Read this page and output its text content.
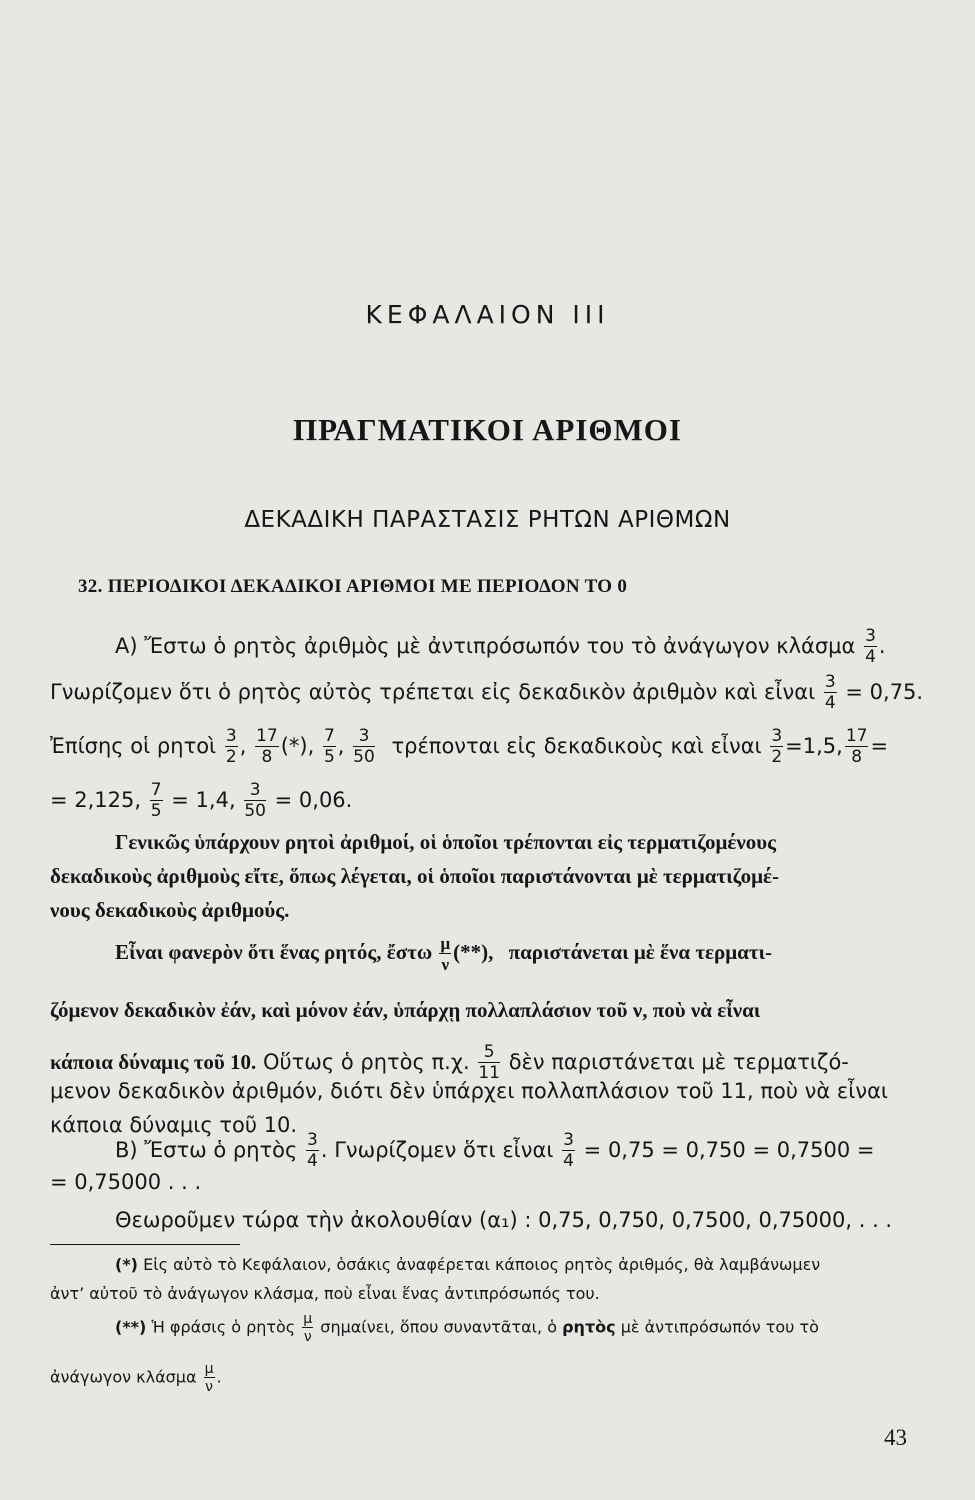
ΚΕΦΑΛΑΙΟΝ ΙΙΙ
ΠΡΑΓΜΑΤΙΚΟΙ ΑΡΙΘΜΟΙ
ΔΕΚΑΔΙΚΗ ΠΑΡΑΣΤΑΣΙΣ ΡΗΤΩΝ ΑΡΙΘΜΩΝ
32. ΠΕΡΙΟΔΙΚΟΙ ΔΕΚΑΔΙΚΟΙ ΑΡΙΘΜΟΙ ΜΕ ΠΕΡΙΟΔΟΝ ΤΟ 0
Α) Ἔστω ὁ ρητὸς ἀριθμὸς μὲ ἀντιπρόσωπόν του τὸ ἀνάγωγον κλάσμα $\frac{3}{4}$ .
Γνωρίζομεν ὅτι ὁ ρητὸς αὐτὸς τρέπεται εἰς δεκαδικὸν ἀριθμὸν καὶ εἶναι $\frac{3}{4} = 0,75$.
Ἐπίσης οἱ ρητοὶ $\frac{3}{2}$ , $\frac{17}{8}$ (*), $\frac{7}{5}$ , $\frac{3}{50}$ τρέπονται εἰς δεκαδικοὺς καὶ εἶναι $\frac{3}{2} =1,5$, $\frac{17}{8}$ =
= 2,125, $\frac{7}{5} = 1,4$, $\frac{3}{50} = 0,06$.
Γενικῶς ὑπάρχουν ρητοὶ ἀριθμοί, οἱ ὁποῖοι τρέπονται εἰς τερματιζομένους
δεκαδικοὺς ἀριθμοὺς εἴτε, ὅπως λέγεται, οἱ ὁποῖοι παριστάνονται μὲ τερματιζομέ-
νους δεκαδικοὺς ἀριθμούς.
Εἶναι φανερὸν ὅτι ἕνας ρητός, ἔστω $\frac{\mu}{\nu}$ (**), παριστάνεται μὲ ἕνα τερματι-
ζόμενον δεκαδικὸν ἐάν, καὶ μόνον ἐάν, ὑπάρχῃ πολλαπλάσιον τοῦ ν, ποὺ νὰ εἶναι
κάποια δύναμις τοῦ 10. Οὕτως ὁ ρητὸς π.χ. $\frac{5}{11}$ δὲν παριστάνεται μὲ τερματιζό-
μενον δεκαδικὸν ἀριθμόν, διότι δὲν ὑπάρχει πολλαπλάσιον τοῦ 11, ποὺ νὰ εἶναι
κάποια δύναμις τοῦ 10.
Β) Ἔστω ὁ ρητὸς $\frac{3}{4}$ . Γνωρίζομεν ὅτι εἶναι $\frac{3}{4} = 0,75 = 0,750 = 0,7500$ =
= 0,75000 . . .
Θεωροῦμεν τώρα τὴν ἀκολουθίαν (α₁) : 0,75, 0,750, 0,7500, 0,75000, . . .
(*) Εἰς αὐτὸ τὸ Κεφάλαιον, ὁσάκις ἀναφέρεται κάποιος ρητὸς ἀριθμός, θὰ λαμβάνωμεν
ἀντ’ αὐτοῦ τὸ ἀνάγωγον κλάσμα, ποὺ εἶναι ἕνας ἀντιπρόσωπός του.
(**) Ἡ φράσις ὁ ρητὸς $\frac{\mu}{\nu} \sigma\eta\mu\alpha ί\nu\varepsilon\iota$, ὅπου συναντᾶται, ὁ ρητὸς μὲ ἀντιπρόσωπόν του τὸ
ἀνάγωγον κλάσμα $\frac{\mu}{\nu}$ .
43
